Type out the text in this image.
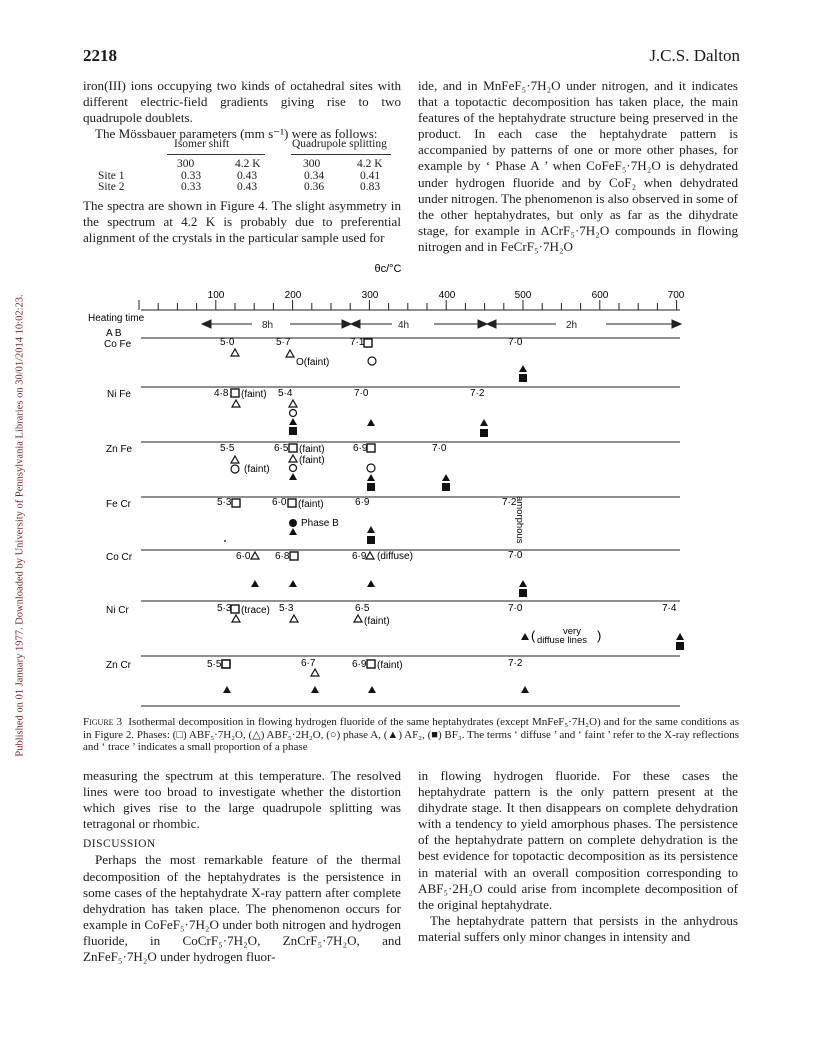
Published on 01 January 1977. Downloaded by University of Pennsylvania Libraries on 30/01/2014 10:02:23.
2218	J.C.S. Dalton

iron(III) ions occupying two kinds of octahedral sites with different electric-field gradients giving rise to two quadrupole doublets.

The Mössbauer parameters (mm s⁻¹) were as follows:

Isomer shift	Quadrupole splitting
300	4.2 K	300	4.2 K
Site 1	0.33	0.43	0.34	0.41
Site 2	0.33	0.43	0.36	0.83

The spectra are shown in Figure 4. The slight asymmetry in the spectrum at 4.2 K is probably due to preferential alignment of the crystals in the particular sample used for

ide, and in MnFeF₅·7H₂O under nitrogen, and it indicates that a topotactic decomposition has taken place, the main features of the heptahydrate structure being preserved in the product. In each case the heptahydrate pattern is accompanied by patterns of one or more other phases, for example by ‘ Phase A ’ when CoFeF₅·7H₂O is dehydrated under hydrogen fluoride and by CoF₂ when dehydrated under nitrogen. The phenomenon is also observed in some of the other heptahydrates, but only as far as the dihydrate stage, for example in ACrF₅·7H₂O compounds in flowing nitrogen and in FeCrF₅·7H₂O

θc/°C
100	200	300	400	500	600	700
Heating time
8h	4h	2h
A B
Co Fe	5·0	5·7	7·1
O(faint)
7·0
Ni Fe	4·8 (faint) 5·4	7·0	7·2
Zn Fe	5·5	6·5 (faint)
(faint)
6·9	7·0
(faint)
Fe Cr	5·3	6·0 (faint)	6·9
Phase B
7·2
amorphous
Co Cr	6·0 6·8	6·9 (diffuse)	7·0
Ni Cr	5·3 (trace) 5·3	6·5
(faint)
7·0	7·4
(	very
diffuse lines )
Zn Cr	5·5	6·7	6·9 (faint)	7·2
Figure 3 Isothermal decomposition in flowing hydrogen fluoride of the same heptahydrates (except MnFeF₅·7H₂O) and for the same conditions as in Figure 2. Phases: (□) ABF₅·7H₂O, (△) ABF₅·2H₂O, (○) phase A, (▲) AF₂, (■) BF₃. The terms ‘ diffuse ’ and ‘ faint ’ refer to the X-ray reflections and ‘ trace ’ indicates a small proportion of a phase

measuring the spectrum at this temperature. The resolved lines were too broad to investigate whether the distortion which gives rise to the large quadrupole splitting was tetragonal or rhombic.

DISCUSSION

Perhaps the most remarkable feature of the thermal decomposition of the heptahydrates is the persistence in some cases of the heptahydrate X-ray pattern after complete dehydration has taken place. The phenomenon occurs for example in CoFeF₅·7H₂O under both nitrogen and hydrogen fluoride, in CoCrF₅·7H₂O, ZnCrF₅·7H₂O, and ZnFeF₅·7H₂O under hydrogen fluor-

in flowing hydrogen fluoride. For these cases the heptahydrate pattern is the only pattern present at the dihydrate stage. It then disappears on complete dehydration with a tendency to yield amorphous phases. The persistence of the heptahydrate pattern on complete dehydration is the best evidence for topotactic decomposition as its persistence in material with an overall composition corresponding to ABF₅·2H₂O could arise from incomplete decomposition of the original heptahydrate.

The heptahydrate pattern that persists in the anhydrous material suffers only minor changes in intensity and
